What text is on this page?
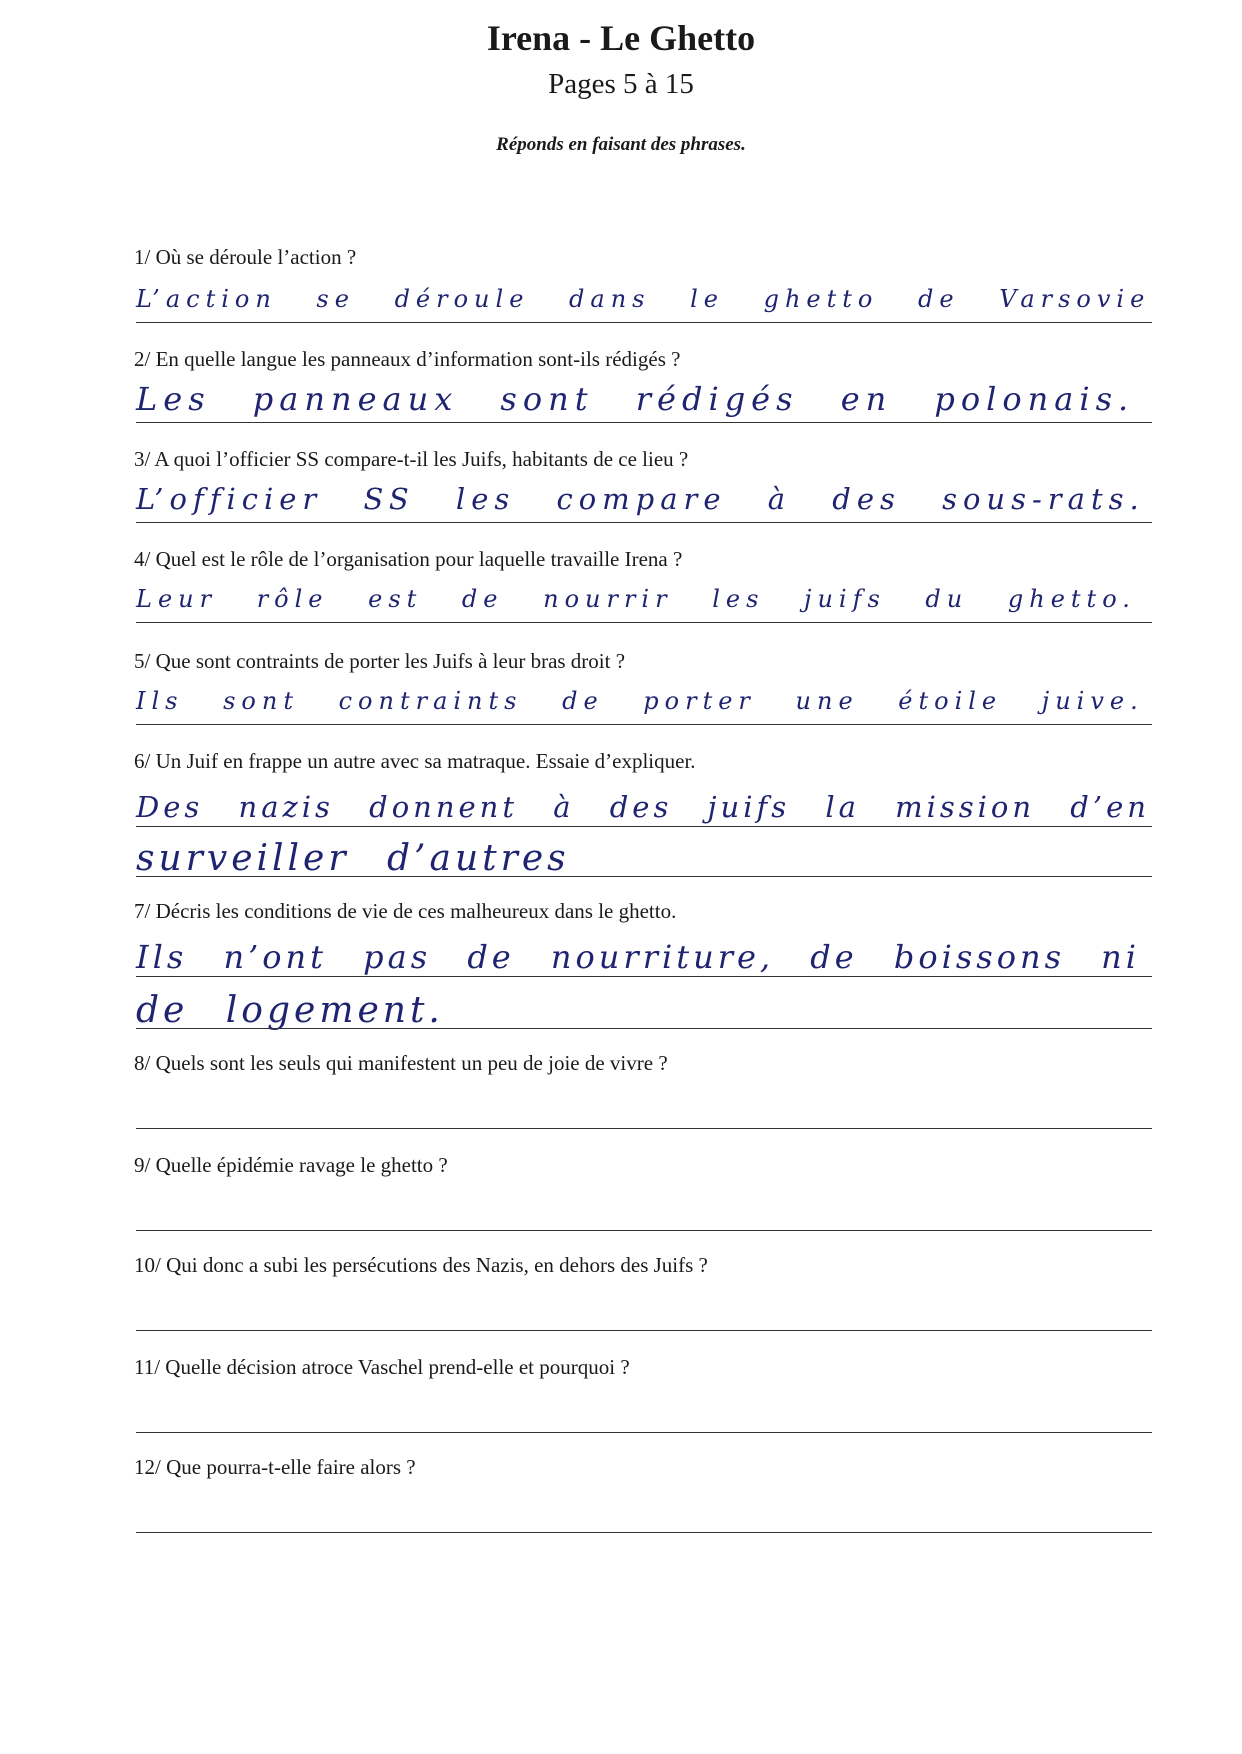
Irena - Le Ghetto
Pages 5 à 15
Réponds en faisant des phrases.
1/ Où se déroule l’action ?
L’action se déroule dans le ghetto de Varsovie
2/ En quelle langue les panneaux d’information sont-ils rédigés ?
Les panneaux sont rédigés en polonais.
3/ A quoi l’officier SS compare-t-il les Juifs, habitants de ce lieu ?
L’officier SS les compare à des sous-rats.
4/ Quel est le rôle de l’organisation pour laquelle travaille Irena ?
Leur rôle est de nourrir les juifs du ghetto.
5/ Que sont contraints de porter les Juifs à leur bras droit ?
Ils sont contraints de porter une étoile juive.
6/ Un Juif en frappe un autre avec sa matraque. Essaie d’expliquer.
Des nazis donnent à des juifs la mission d’en
surveiller d’autres
7/ Décris les conditions de vie de ces malheureux dans le ghetto.
Ils n’ont pas de nourriture, de boissons ni
de logement.
8/ Quels sont les seuls qui manifestent un peu de joie de vivre ?
9/ Quelle épidémie ravage le ghetto ?
10/ Qui donc a subi les persécutions des Nazis, en dehors des Juifs ?
11/ Quelle décision atroce Vaschel prend-elle et pourquoi ?
12/ Que pourra-t-elle faire alors ?
